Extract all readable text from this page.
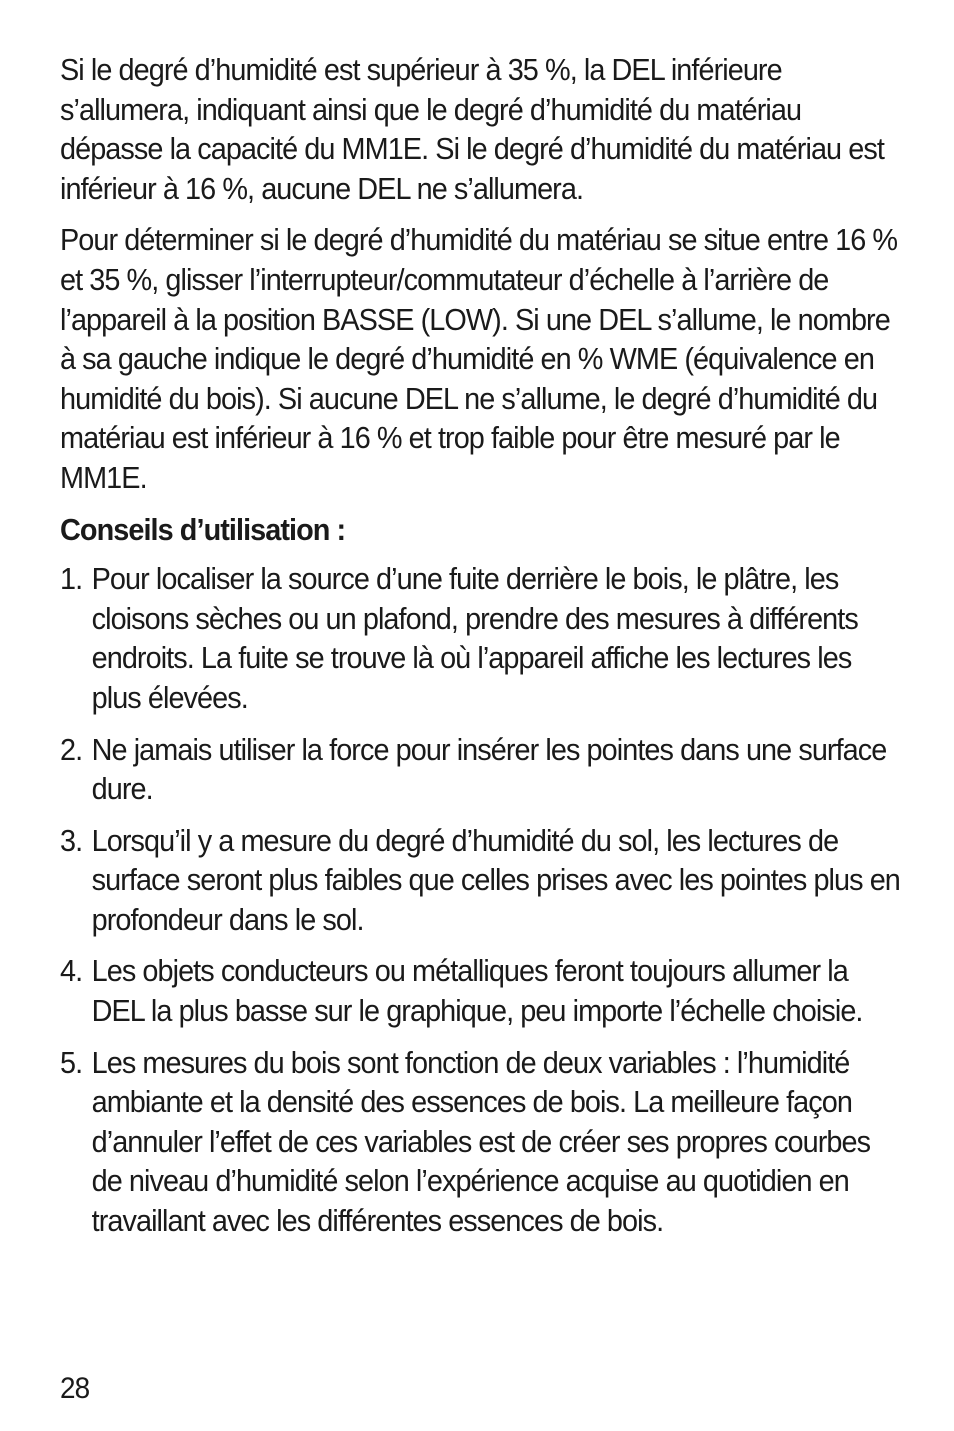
Si le degré d’humidité est supérieur à 35 %, la DEL inférieure s’allumera, indiquant ainsi que le degré d’humidité du matériau dépasse la capacité du MM1E. Si le degré d’humidité du matériau est inférieur à 16 %, aucune DEL ne s’allumera.

Pour déterminer si le degré d’humidité du matériau se situe entre 16 % et 35 %, glisser l’interrupteur/commutateur d’échelle à l’arrière de l’appareil à la position BASSE (LOW). Si une DEL s’allume, le nombre à sa gauche indique le degré d’humidité en % WME (équivalence en humidité du bois). Si aucune DEL ne s’allume, le degré d’humidité du matériau est inférieur à 16 % et trop faible pour être mesuré par le MM1E.

Conseils d’utilisation :
1. Pour localiser la source d’une fuite derrière le bois, le plâtre, les cloisons sèches ou un plafond, prendre des mesures à différents endroits. La fuite se trouve là où l’appareil affiche les lectures les plus élevées.
2. Ne jamais utiliser la force pour insérer les pointes dans une surface dure.
3. Lorsqu’il y a mesure du degré d’humidité du sol, les lectures de surface seront plus faibles que celles prises avec les pointes plus en profondeur dans le sol.
4. Les objets conducteurs ou métalliques feront toujours allumer la DEL la plus basse sur le graphique, peu importe l’échelle choisie.
5. Les mesures du bois sont fonction de deux variables : l’humidité ambiante et la densité des essences de bois. La meilleure façon d’annuler l’effet de ces variables est de créer ses propres courbes de niveau d’humidité selon l’expérience acquise au quotidien en travaillant avec les différentes essences de bois.
28
